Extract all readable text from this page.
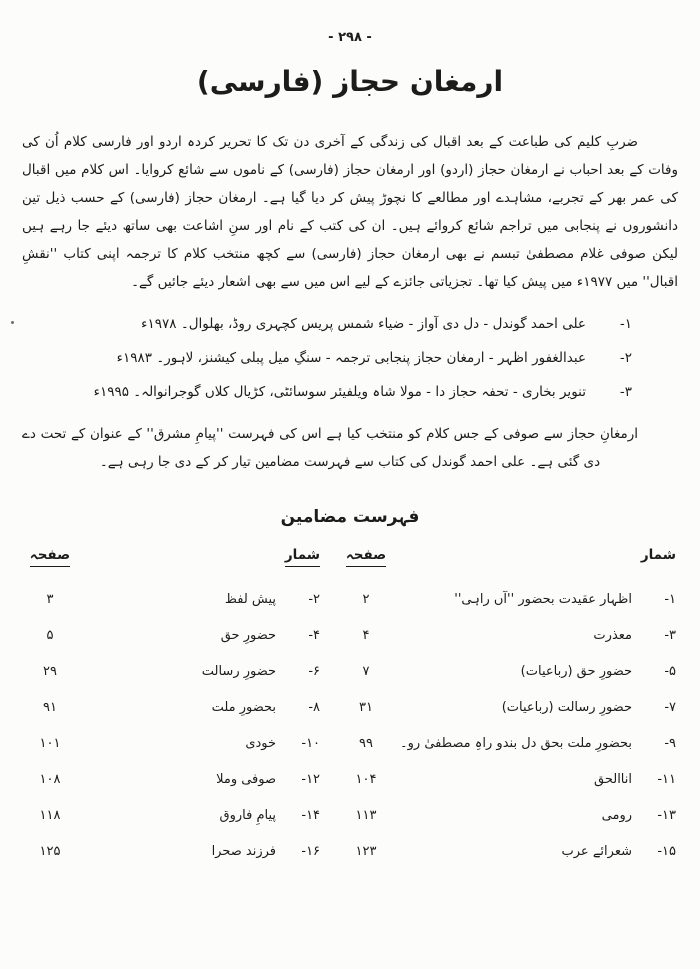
- ۲۹۸ -
ارمغان حجاز (فارسی)

ضربِ کلیم کی طباعت کے بعد اقبال کی زندگی کے آخری دن تک کا تحریر کردہ اردو اور فارسی کلام اُن کی وفات کے بعد احباب نے ارمغان حجاز (اردو) اور ارمغان حجاز (فارسی) کے ناموں سے شائع کروایا۔ اس کلام میں اقبال کی عمر بھر کے تجربے، مشاہدے اور مطالعے کا نچوڑ پیش کر دیا گیا ہے۔ ارمغان حجاز (فارسی) کے حسب ذیل تین دانشوروں نے پنجابی میں تراجم شائع کروائے ہیں۔ ان کی کتب کے نام اور سنِ اشاعت بھی ساتھ دیئے جا رہے ہیں لیکن صوفی غلام مصطفیٰ تبسم نے بھی ارمغان حجاز (فارسی) سے کچھ منتخب کلام کا ترجمہ اپنی کتاب ''نقشِ اقبال'' میں ۱۹۷۷ء میں پیش کیا تھا۔ تجزیاتی جائزے کے لیے اس میں سے بھی اشعار دیئے جائیں گے۔

۱-
علی احمد گوندل - دل دی آواز - ضیاء شمس پریس کچہری روڈ، بھلوال۔ ۱۹۷۸ء
۲-
عبدالغفور اظہر - ارمغان حجاز پنجابی ترجمہ - سنگِ میل پبلی کیشنز، لاہور۔ ۱۹۸۳ء
۳-
تنویر بخاری - تحفہ حجاز دا - مولا شاہ ویلفیئر سوسائٹی، کڑیال کلاں گوجرانوالہ۔ ۱۹۹۵ء

ارمغانِ حجاز سے صوفی کے جس کلام کو منتخب کیا ہے اس کی فہرست ''پیامِ مشرق'' کے عنوان کے تحت دے دی گئی ہے۔ علی احمد گوندل کی کتاب سے فہرست مضامین تیار کر کے دی جا رہی ہے۔

فہرست مضامین
شمار
صفحہ
۱-
اظہار عقیدت بحضور ''آں راہی''
۲
۳-
معذرت
۴
۵-
حضورِ حق (رباعیات)
۷
۷-
حضورِ رسالت (رباعیات)
۳۱
۹-
بحضورِ ملت بحق دل بندو راہِ مصطفیٰ رو۔
۹۹
۱۱-
اناالحق
۱۰۴
۱۳-
رومی
۱۱۳
۱۵-
شعرائے عرب
۱۲۳
شمار
صفحہ
۲-
پیش لفظ
۳
۴-
حضورِ حق
۵
۶-
حضورِ رسالت
۲۹
۸-
بحضورِ ملت
۹۱
۱۰-
خودی
۱۰۱
۱۲-
صوفی وملا
۱۰۸
۱۴-
پیامِ فاروق
۱۱۸
۱۶-
فرزند صحرا
۱۲۵
